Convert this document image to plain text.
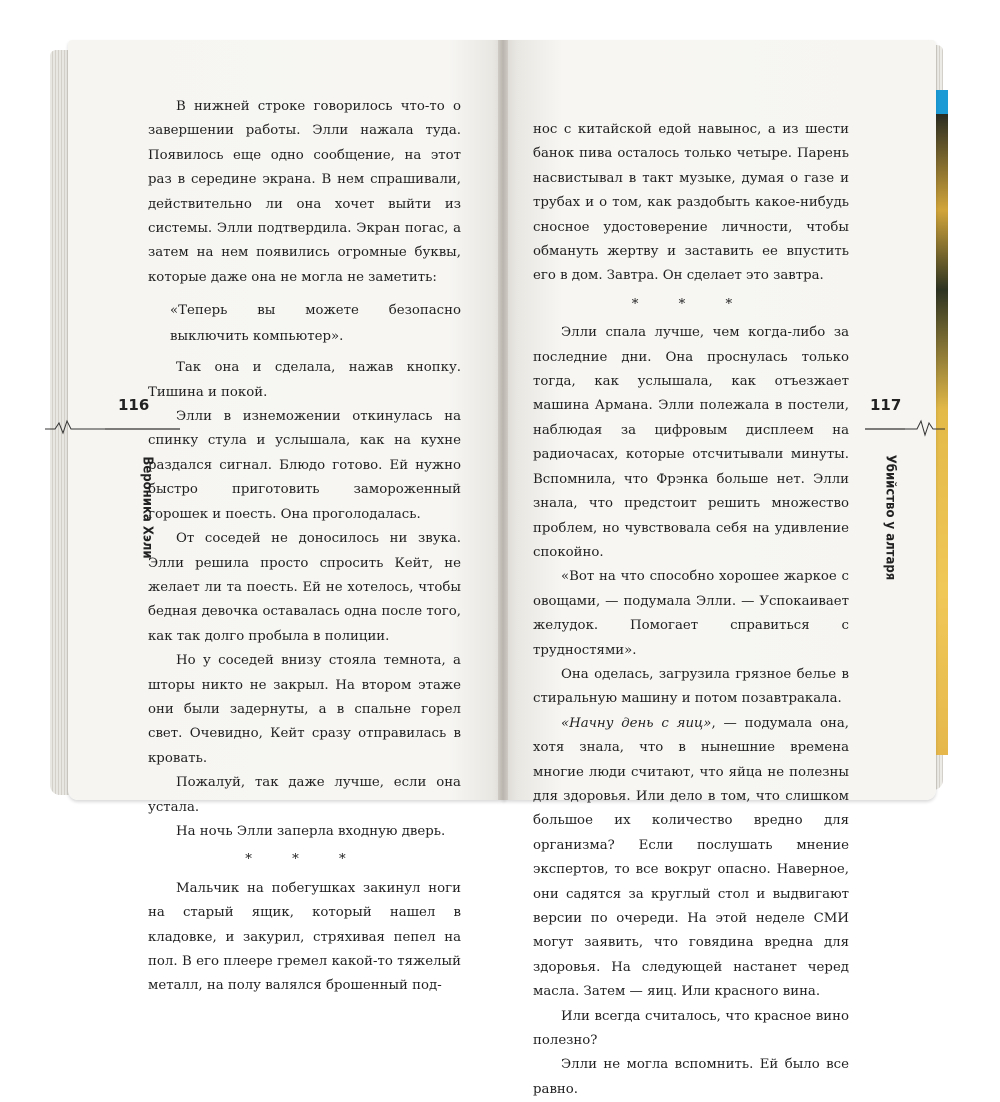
В нижней строке говорилось что-то о завершении работы. Элли нажала туда. Появилось еще одно сообщение, на этот раз в середине экрана. В нем спрашивали, действительно ли она хочет выйти из системы. Элли подтвердила. Экран погас, а затем на нем появились огромные буквы, которые даже она не могла не заметить:

«Теперь вы можете безопасно выключить компьютер».

Так она и сделала, нажав кнопку. Тишина и покой.

Элли в изнеможении откинулась на спинку стула и услышала, как на кухне раздался сигнал. Блюдо готово. Ей нужно быстро приготовить замороженный горошек и поесть. Она проголодалась.

От соседей не доносилось ни звука. Элли решила просто спросить Кейт, не желает ли та поесть. Ей не хотелось, чтобы бедная девочка оставалась одна после того, как так долго пробыла в полиции.

Но у соседей внизу стояла темнота, а шторы никто не закрыл. На втором этаже они были задернуты, а в спальне горел свет. Очевидно, Кейт сразу отправилась в кровать.

Пожалуй, так даже лучше, если она устала.

На ночь Элли заперла входную дверь.

* * *

Мальчик на побегушках закинул ноги на старый ящик, который нашел в кладовке, и закурил, стряхивая пепел на пол. В его плеере гремел какой-то тяжелый металл, на полу валялся брошенный под-

нос с китайской едой навынос, а из шести банок пива осталось только четыре. Парень насвистывал в такт музыке, думая о газе и трубах и о том, как раздобыть какое-нибудь сносное удостоверение личности, чтобы обмануть жертву и заставить ее впустить его в дом. Завтра. Он сделает это завтра.

* * *

Элли спала лучше, чем когда-либо за последние дни. Она проснулась только тогда, как услышала, как отъезжает машина Армана. Элли полежала в постели, наблюдая за цифровым дисплеем на радиочасах, которые отсчитывали минуты. Вспомнила, что Фрэнка больше нет. Элли знала, что предстоит решить множество проблем, но чувствовала себя на удивление спокойно.

«Вот на что способно хорошее жаркое с овощами, — подумала Элли. — Успокаивает желудок. Помогает справиться с трудностями».

Она оделась, загрузила грязное белье в стиральную машину и потом позавтракала.

«Начну день с яиц», — подумала она, хотя знала, что в нынешние времена многие люди считают, что яйца не полезны для здоровья. Или дело в том, что слишком большое их количество вредно для организма? Если послушать мнение экспертов, то все вокруг опасно. Наверное, они садятся за круглый стол и выдвигают версии по очереди. На этой неделе СМИ могут заявить, что говядина вредна для здоровья. На следующей настанет черед масла. Затем — яиц. Или красного вина.

Или всегда считалось, что красное вино полезно?

Элли не могла вспомнить. Ей было все равно.

116	117
Вероника Хэли	Убийство у алтаря
